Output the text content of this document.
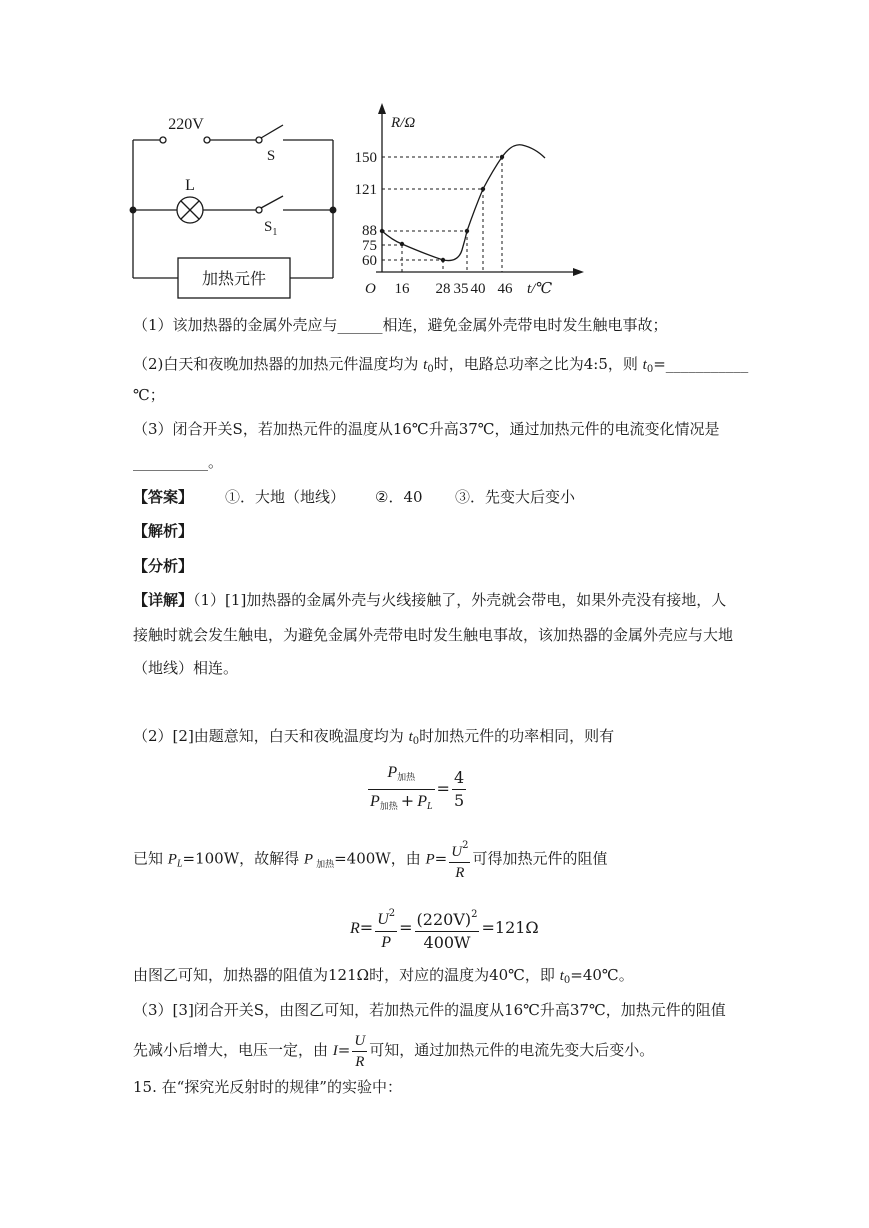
220V
S
L
$S_1$
加热元件
R/Ω
O
150
121
88
75
60
16 28 35 40 46 t/℃
（1）该加热器的金属外壳应与______相连，避免金属外壳带电时发生触电事故；
（2)白天和夜晚加热器的加热元件温度均为 $t_0$时，电路总功率之比为4:5，则 $t_0=\_\_\_\_\_\_\_\_\_\_\_$
℃；
（3）闭合开关S，若加热元件的温度从16℃升高37℃，通过加热元件的电流变化情况是
__________。
【答案】 ①．大地（地线） ②．40 ③．先变大后变小
【解析】
【分析】
【详解】（1）[1]加热器的金属外壳与火线接触了，外壳就会带电，如果外壳没有接地，人
接触时就会发生触电，为避免金属外壳带电时发生触电事故，该加热器的金属外壳应与大地
（地线）相连。
（2）[2]由题意知，白天和夜晚温度均为 $t_0$时加热元件的功率相同，则有
$\frac{\text{P加热}}{P加热 + P_L} = \frac{4}{5}$
已知 $P_L=100W$，故解得 P $_{加热}$=400W，由 $P= \frac{U^2}{R}$ 可得加热元件的阻值
$R= \frac{U^2}{P} = \frac{(220V)^2}{400W} =121\Omega$
由图乙可知，加热器的阻值为121Ω时，对应的温度为40℃，即 $t_0=40℃$。
（3）[3]闭合开关S，由图乙可知，若加热元件的温度从16℃升高37℃，加热元件的阻值
先减小后增大，电压一定，由 $I= \frac{U}{R}$ 可知，通过加热元件的电流先变大后变小。
15. 在“探究光反射时的规律”的实验中：
